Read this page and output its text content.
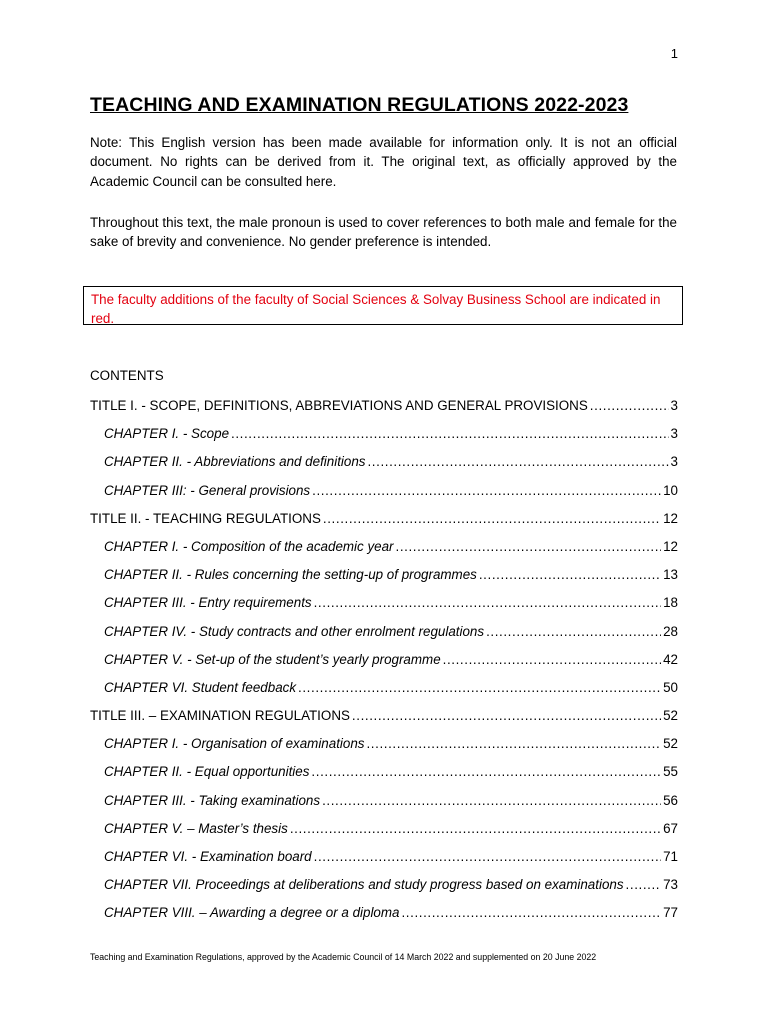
1
TEACHING AND EXAMINATION REGULATIONS 2022-2023

Note: This English version has been made available for information only. It is not an official document. No rights can be derived from it. The original text, as officially approved by the Academic Council can be consulted here.

Throughout this text, the male pronoun is used to cover references to both male and female for the sake of brevity and convenience. No gender preference is intended.

The faculty additions of the faculty of Social Sciences & Solvay Business School are indicated in red.
CONTENTS
TITLE I. - SCOPE, DEFINITIONS, ABBREVIATIONS AND GENERAL PROVISIONS .....	3
CHAPTER I. - Scope .....	3
CHAPTER II. - Abbreviations and definitions .....	3
CHAPTER III: - General provisions .....	10
TITLE II. - TEACHING REGULATIONS .....	12
CHAPTER I. - Composition of the academic year .....	12
CHAPTER II. - Rules concerning the setting-up of programmes .....	13
CHAPTER III. - Entry requirements .....	18
CHAPTER IV. - Study contracts and other enrolment regulations .....	28
CHAPTER V. - Set-up of the student’s yearly programme .....	42
CHAPTER VI. Student feedback .....	50
TITLE III. – EXAMINATION REGULATIONS .....	52
CHAPTER I. - Organisation of examinations .....	52
CHAPTER II. - Equal opportunities .....	55
CHAPTER III. - Taking examinations .....	56
CHAPTER V. – Master’s thesis .....	67
CHAPTER VI. - Examination board .....	71
CHAPTER VII. Proceedings at deliberations and study progress based on examinations .....	73
CHAPTER VIII. – Awarding a degree or a diploma .....	77
Teaching and Examination Regulations, approved by the Academic Council of 14 March 2022 and supplemented on 20 June 2022
